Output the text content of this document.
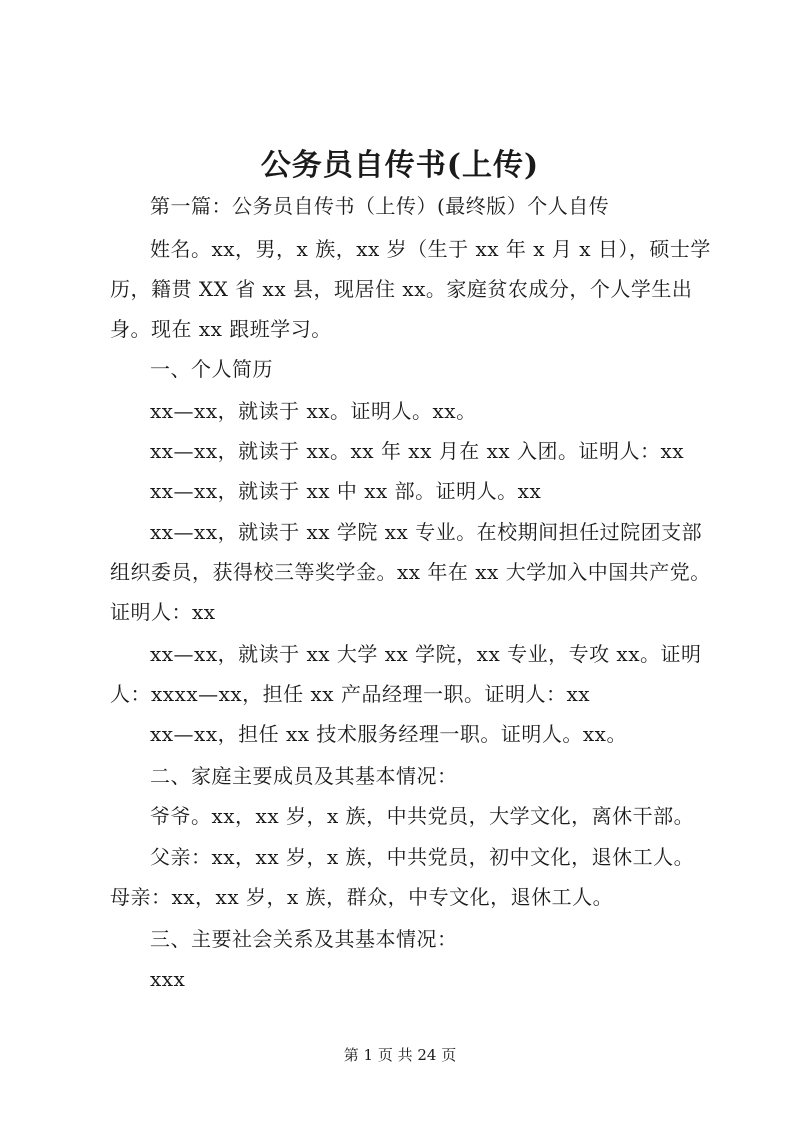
公务员自传书(上传)

第一篇：公务员自传书（上传）(最终版）个人自传

姓名。xx，男，x 族，xx 岁（生于 xx 年 x 月 x 日），硕士学

历，籍贯 XX 省 xx 县，现居住 xx。家庭贫农成分，个人学生出

身。现在 xx 跟班学习。

一、个人简历

xx—xx，就读于 xx。证明人。xx。

xx—xx，就读于 xx。xx 年 xx 月在 xx 入团。证明人：xx

xx—xx，就读于 xx 中 xx 部。证明人。xx

xx—xx，就读于 xx 学院 xx 专业。在校期间担任过院团支部

组织委员，获得校三等奖学金。xx 年在 xx 大学加入中国共产党。

证明人：xx

xx—xx，就读于 xx 大学 xx 学院，xx 专业，专攻 xx。证明

人：xxxx—xx，担任 xx 产品经理一职。证明人：xx

xx—xx，担任 xx 技术服务经理一职。证明人。xx。

二、家庭主要成员及其基本情况：

爷爷。xx，xx 岁，x 族，中共党员，大学文化，离休干部。

父亲：xx，xx 岁，x 族，中共党员，初中文化，退休工人。

母亲：xx，xx 岁，x 族，群众，中专文化，退休工人。

三、主要社会关系及其基本情况：

xxx

第 1 页 共 24 页
